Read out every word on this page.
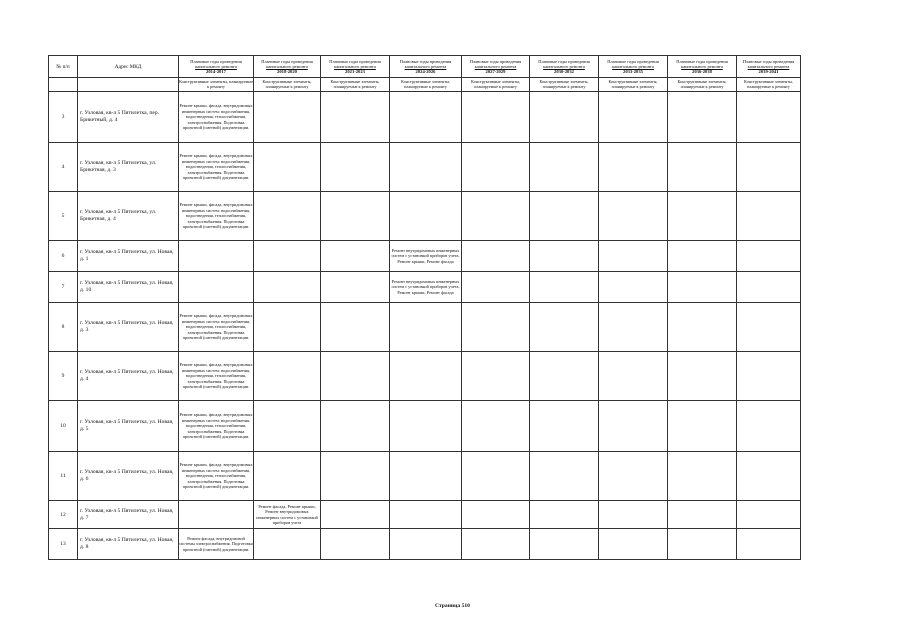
№ п/п	Адрес МКД	Плановые годы проведения
капитального ремонта
2014-2017	Плановые годы проведения
капитального ремонта
2018-2020	Плановые годы проведения
капитального ремонта
2021-2023	Плановые годы проведения
капитального ремонта
2024-2026	Плановые годы проведения
капитального ремонта
2027-2029	Плановые годы проведения
капитального ремонта
2030-2032	Плановые годы проведения
капитального ремонта
2033-2035	Плановые годы проведения
капитального ремонта
2036-2038	Плановые годы проведения
капитального ремонта
2039-2041

		Конструктивные элементы, планируемые к ремонту	Конструктивные элементы, планируемые к ремонту	Конструктивные элементы, планируемые к ремонту	Конструктивные элементы, планируемые к ремонту	Конструктивные элементы, планируемые к ремонту	Конструктивные элементы, планируемые к ремонту	Конструктивные элементы, планируемые к ремонту	Конструктивные элементы, планируемые к ремонту	Конструктивные элементы, планируемые к ремонту
3	г. Узловая, кв-л 5 Пятилетка, пер. Брикетный, д. 4	Ремонт крыши, фасада, внутридомовых инженерных систем: водоснабжения, водоотведения, теплоснабжения, электроснабжения. Подготовка проектной (сметной) документации.								
4	г. Узловая, кв-л 5 Пятилетка, ул. Брикетная, д. 3	Ремонт крыши, фасада, внутридомовых инженерных систем: водоснабжения, водоотведения, теплоснабжения, электроснабжения. Подготовка проектной (сметной) документации.								
5	г. Узловая, кв-л 5 Пятилетка, ул. Брикетная, д. 4	Ремонт крыши, фасада, внутридомовых инженерных систем: водоснабжения, водоотведения, теплоснабжения, электроснабжения. Подготовка проектной (сметной) документации.								
6	г. Узловая, кв-л 5 Пятилетка, ул. Новая, д. 1				Ремонт внутридомовых инженерных систем с установкой приборов учета, Ремонт крыши, Ремонт фасада					
7	г. Узловая, кв-л 5 Пятилетка, ул. Новая, д. 10				Ремонт внутридомовых инженерных систем с установкой приборов учета, Ремонт крыши, Ремонт фасада					
8	г. Узловая, кв-л 5 Пятилетка, ул. Новая, д. 3	Ремонт крыши, фасада, внутридомовых инженерных систем: водоснабжения, водоотведения, теплоснабжения, электроснабжения. Подготовка проектной (сметной) документации.								
9	г. Узловая, кв-л 5 Пятилетка, ул. Новая, д. 4	Ремонт крыши, фасада, внутридомовых инженерных систем: водоснабжения, водоотведения, теплоснабжения, электроснабжения. Подготовка проектной (сметной) документации.								
10	г. Узловая, кв-л 5 Пятилетка, ул. Новая, д. 5	Ремонт крыши, фасада, внутридомовых инженерных систем: водоснабжения, водоотведения, теплоснабжения, электроснабжения. Подготовка проектной (сметной) документации.								
11	г. Узловая, кв-л 5 Пятилетка, ул. Новая, д. 6	Ремонт крыши, фасада, внутридомовых инженерных систем: водоснабжения, водоотведения, теплоснабжения, электроснабжения. Подготовка проектной (сметной) документации.								
12	г. Узловая, кв-л 5 Пятилетка, ул. Новая, д. 7		Ремонт фасада, Ремонт крыши, Ремонт внутридомовых инженерных систем с установкой приборов учета							
13	г. Узловая, кв-л 5 Пятилетка, ул. Новая, д. 8	Ремонт фасада, внутридомовой системы электроснабжения. Подготовка проектной (сметной) документации.								
Страница 510
